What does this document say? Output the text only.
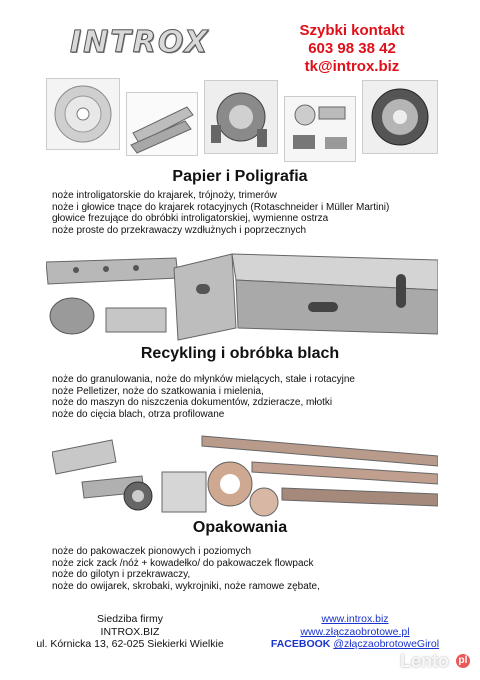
INTROX	Szybki kontakt
603 98 38 42
tk@introx.biz
Papier i Poligrafia
noże introligatorskie do krajarek, trójnoży, trimerów
noże i głowice tnące do krajarek rotacyjnych (Rotaschneider i Müller Martini)
głowice frezujące do obróbki introligatorskiej, wymienne ostrza
noże proste do przekrawaczy wzdłużnych i poprzecznych
Recykling i obróbka blach
noże do granulowania, noże do młynków mielących, stałe i rotacyjne
noże Pelletizer, noże do szatkowania i mielenia,
noże do maszyn do niszczenia dokumentów, zdzieracze, młotki
noże do cięcia blach, otrza profilowane
Opakowania
noże do pakowaczek pionowych i poziomych
noże zick zack /nóż + kowadełko/ do pakowaczek flowpack
noże do gilotyn i przekrawaczy,
noże do owijarek, skrobaki, wykrojniki, noże ramowe zębate,
Siedziba firmy
INTROX.BIZ
ul. Kórnicka 13, 62-025 Siekierki Wielkie
www.introx.biz
www.złączaobrotowe.pl
FACEBOOK @złączaobrotoweGirol
Lento pl
